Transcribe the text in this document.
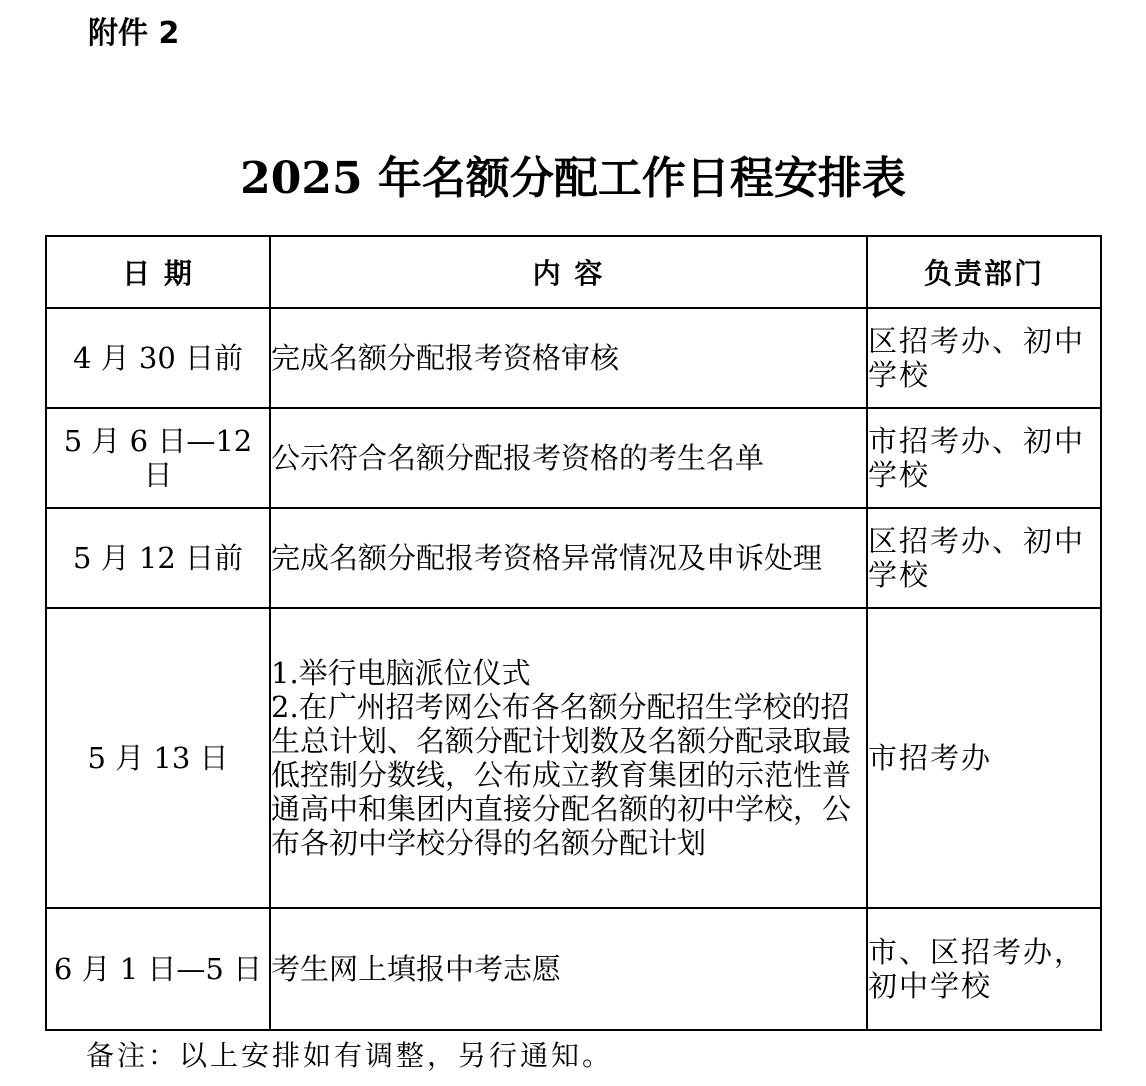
附件 2

2025 年名额分配工作日程安排表
日 期	内 容	负责部门
4 月 30 日前	完成名额分配报考资格审核	区招考办、初中学校
5 月 6 日—12 日	公示符合名额分配报考资格的考生名单	市招考办、初中学校
5 月 12 日前	完成名额分配报考资格异常情况及申诉处理	区招考办、初中学校
5 月 13 日	1.举行电脑派位仪式
2.在广州招考网公布各名额分配招生学校的招生总计划、名额分配计划数及名额分配录取最低控制分数线，公布成立教育集团的示范性普通高中和集团内直接分配名额的初中学校，公布各初中学校分得的名额分配计划	市招考办
6 月 1 日—5 日	考生网上填报中考志愿	市、区招考办，初中学校

备注：以上安排如有调整，另行通知。
